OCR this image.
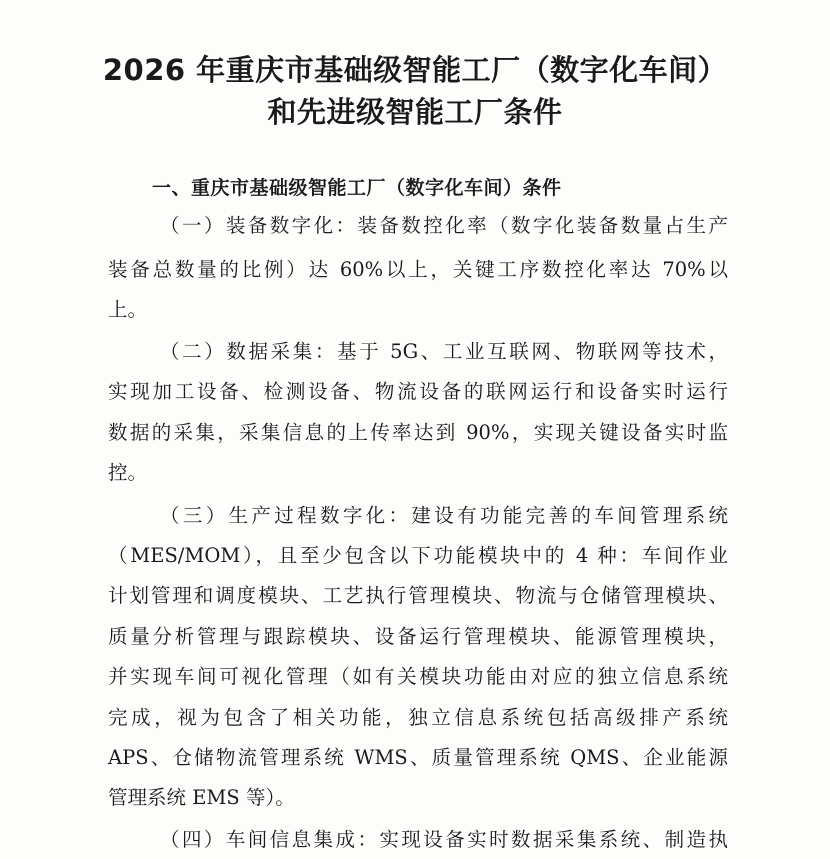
2026 年重庆市基础级智能工厂（数字化车间）
和先进级智能工厂条件
一、重庆市基础级智能工厂（数字化车间）条件
（一）装备数字化：装备数控化率（数字化装备数量占生产
装备总数量的比例）达 60%以上，关键工序数控化率达 70%以
上。
（二）数据采集：基于 5G、工业互联网、物联网等技术，
实现加工设备、检测设备、物流设备的联网运行和设备实时运行
数据的采集，采集信息的上传率达到 90%，实现关键设备实时监
控。
（三）生产过程数字化：建设有功能完善的车间管理系统
（MES/MOM），且至少包含以下功能模块中的 4 种：车间作业
计划管理和调度模块、工艺执行管理模块、物流与仓储管理模块、
质量分析管理与跟踪模块、设备运行管理模块、能源管理模块，
并实现车间可视化管理（如有关模块功能由对应的独立信息系统
完成，视为包含了相关功能，独立信息系统包括高级排产系统
APS、仓储物流管理系统 WMS、质量管理系统 QMS、企业能源
管理系统 EMS 等）。
（四）车间信息集成：实现设备实时数据采集系统、制造执
